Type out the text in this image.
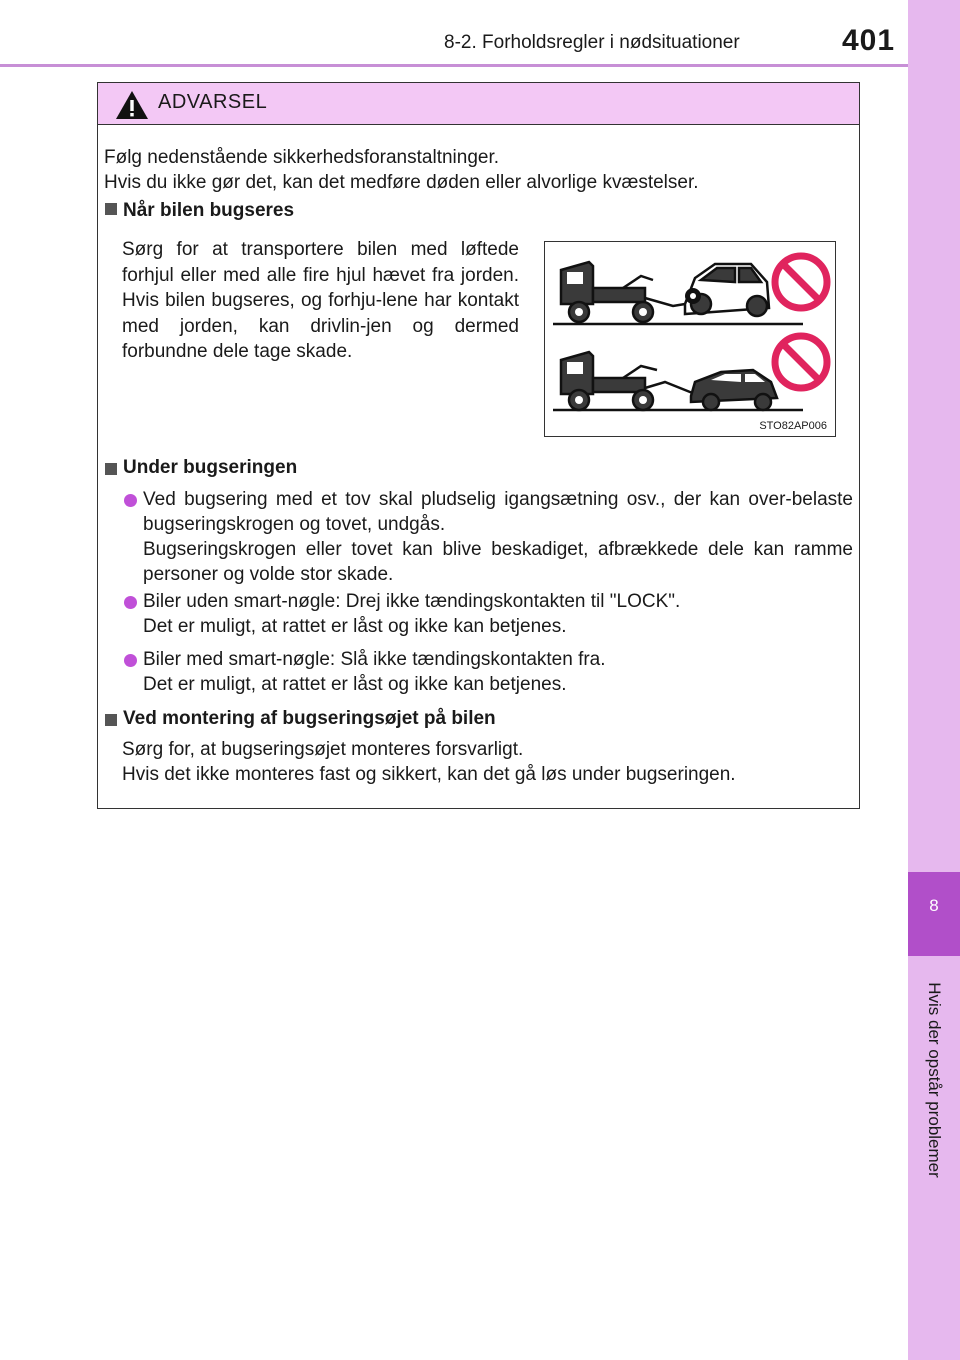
8-2. Forholdsregler i nødsituationer	401
8
Hvis der opstår problemer
ADVARSEL
Følg nedenstående sikkerhedsforanstaltninger.
Hvis du ikke gør det, kan det medføre døden eller alvorlige kvæstelser.
Når bilen bugseres
Sørg for at transportere bilen med løftede forhjul eller med alle fire hjul hævet fra jorden. Hvis bilen bugseres, og forhju-lene har kontakt med jorden, kan drivlin-jen og dermed forbundne dele tage skade.
STO82AP006
Under bugseringen
Ved bugsering med et tov skal pludselig igangsætning osv., der kan over-belaste bugseringskrogen og tovet, undgås.
Bugseringskrogen eller tovet kan blive beskadiget, afbrækkede dele kan ramme personer og volde stor skade.
Biler uden smart-nøgle: Drej ikke tændingskontakten til "LOCK".
Det er muligt, at rattet er låst og ikke kan betjenes.
Biler med smart-nøgle: Slå ikke tændingskontakten fra.
Det er muligt, at rattet er låst og ikke kan betjenes.
Ved montering af bugseringsøjet på bilen
Sørg for, at bugseringsøjet monteres forsvarligt.
Hvis det ikke monteres fast og sikkert, kan det gå løs under bugseringen.
